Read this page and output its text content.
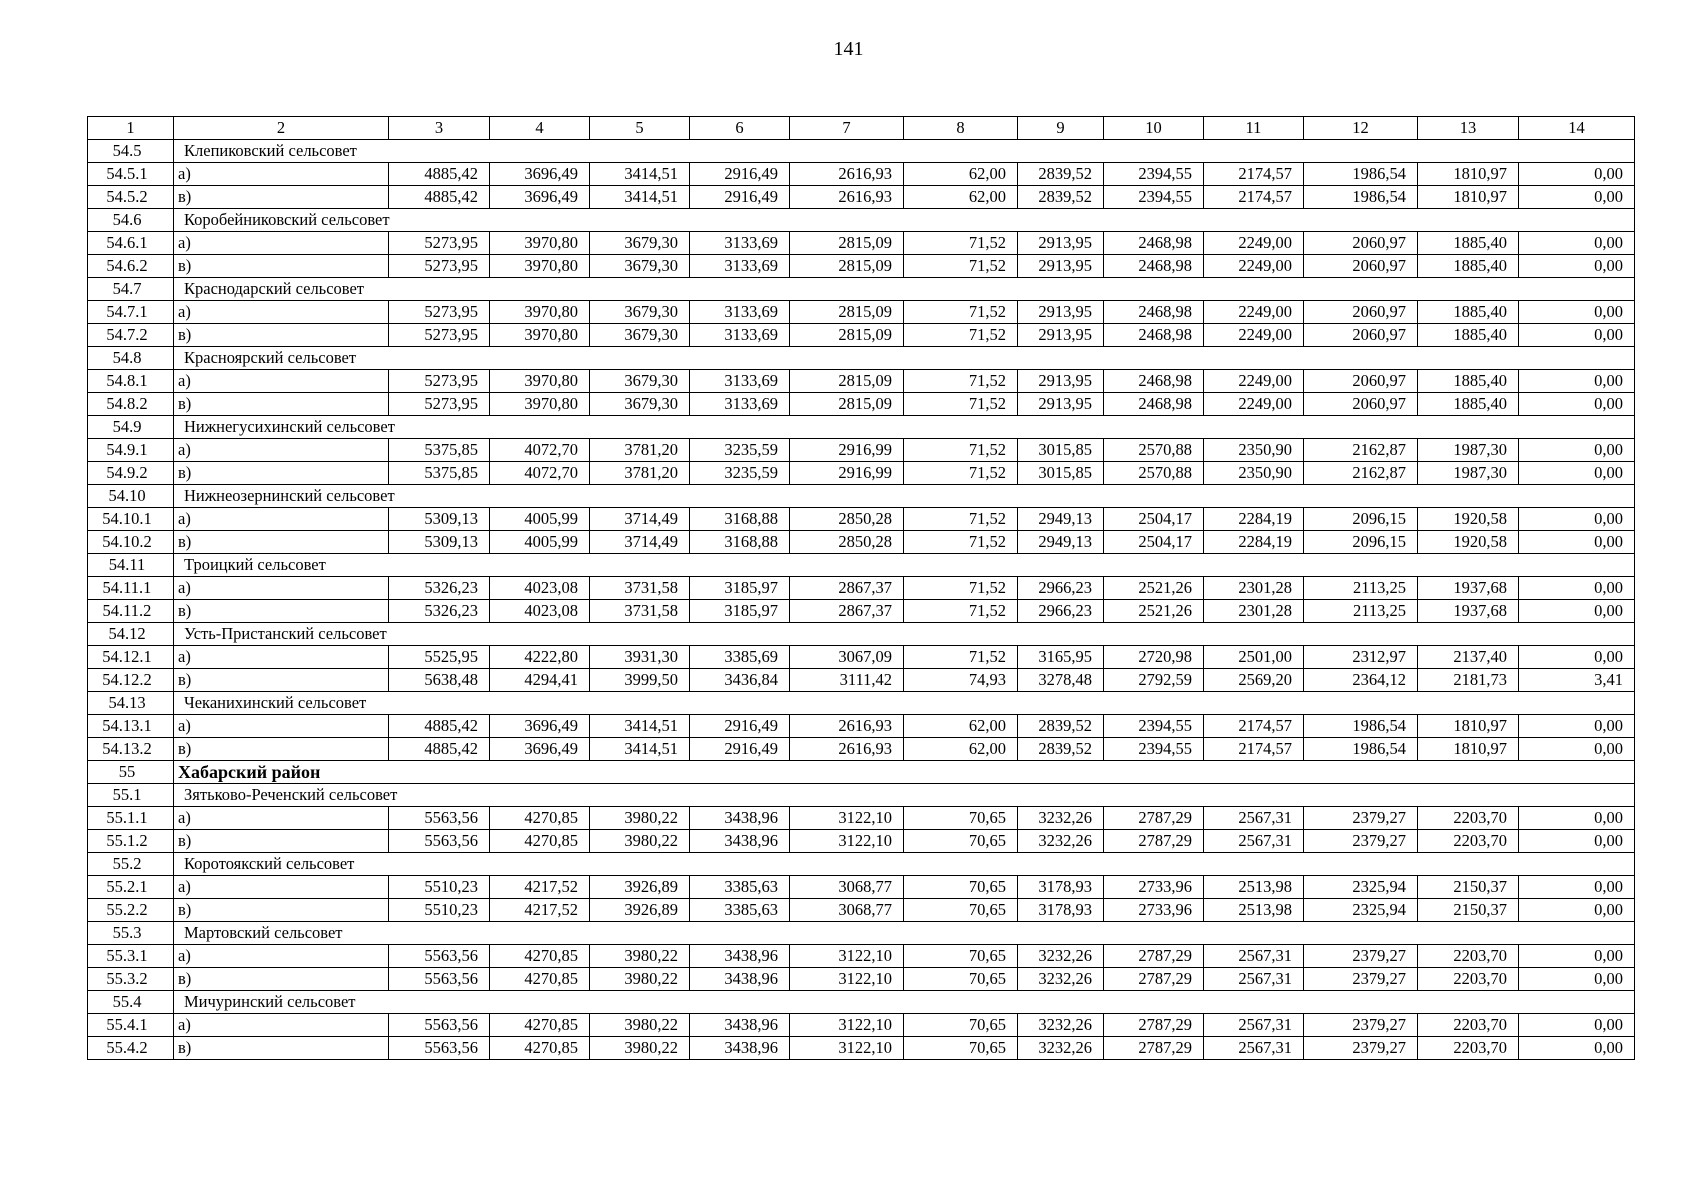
141
1	2	3	4	5	6	7	8	9	10	11	12	13	14
54.5	Клепиковский сельсовет												
54.5.1	а)	4885,42	3696,49	3414,51	2916,49	2616,93	62,00	2839,52	2394,55	2174,57	1986,54	1810,97	0,00
54.5.2	в)	4885,42	3696,49	3414,51	2916,49	2616,93	62,00	2839,52	2394,55	2174,57	1986,54	1810,97	0,00
54.6	Коробейниковский сельсовет												
54.6.1	а)	5273,95	3970,80	3679,30	3133,69	2815,09	71,52	2913,95	2468,98	2249,00	2060,97	1885,40	0,00
54.6.2	в)	5273,95	3970,80	3679,30	3133,69	2815,09	71,52	2913,95	2468,98	2249,00	2060,97	1885,40	0,00
54.7	Краснодарский сельсовет												
54.7.1	а)	5273,95	3970,80	3679,30	3133,69	2815,09	71,52	2913,95	2468,98	2249,00	2060,97	1885,40	0,00
54.7.2	в)	5273,95	3970,80	3679,30	3133,69	2815,09	71,52	2913,95	2468,98	2249,00	2060,97	1885,40	0,00
54.8	Красноярский сельсовет												
54.8.1	а)	5273,95	3970,80	3679,30	3133,69	2815,09	71,52	2913,95	2468,98	2249,00	2060,97	1885,40	0,00
54.8.2	в)	5273,95	3970,80	3679,30	3133,69	2815,09	71,52	2913,95	2468,98	2249,00	2060,97	1885,40	0,00
54.9	Нижнегусихинский сельсовет												
54.9.1	а)	5375,85	4072,70	3781,20	3235,59	2916,99	71,52	3015,85	2570,88	2350,90	2162,87	1987,30	0,00
54.9.2	в)	5375,85	4072,70	3781,20	3235,59	2916,99	71,52	3015,85	2570,88	2350,90	2162,87	1987,30	0,00
54.10	Нижнеозернинский сельсовет												
54.10.1	а)	5309,13	4005,99	3714,49	3168,88	2850,28	71,52	2949,13	2504,17	2284,19	2096,15	1920,58	0,00
54.10.2	в)	5309,13	4005,99	3714,49	3168,88	2850,28	71,52	2949,13	2504,17	2284,19	2096,15	1920,58	0,00
54.11	Троицкий сельсовет												
54.11.1	а)	5326,23	4023,08	3731,58	3185,97	2867,37	71,52	2966,23	2521,26	2301,28	2113,25	1937,68	0,00
54.11.2	в)	5326,23	4023,08	3731,58	3185,97	2867,37	71,52	2966,23	2521,26	2301,28	2113,25	1937,68	0,00
54.12	Усть-Пристанский сельсовет												
54.12.1	а)	5525,95	4222,80	3931,30	3385,69	3067,09	71,52	3165,95	2720,98	2501,00	2312,97	2137,40	0,00
54.12.2	в)	5638,48	4294,41	3999,50	3436,84	3111,42	74,93	3278,48	2792,59	2569,20	2364,12	2181,73	3,41
54.13	Чеканихинский сельсовет												
54.13.1	а)	4885,42	3696,49	3414,51	2916,49	2616,93	62,00	2839,52	2394,55	2174,57	1986,54	1810,97	0,00
54.13.2	в)	4885,42	3696,49	3414,51	2916,49	2616,93	62,00	2839,52	2394,55	2174,57	1986,54	1810,97	0,00
55	Хабарский район												
55.1	Зятьково-Реченский сельсовет												
55.1.1	а)	5563,56	4270,85	3980,22	3438,96	3122,10	70,65	3232,26	2787,29	2567,31	2379,27	2203,70	0,00
55.1.2	в)	5563,56	4270,85	3980,22	3438,96	3122,10	70,65	3232,26	2787,29	2567,31	2379,27	2203,70	0,00
55.2	Коротоякский сельсовет												
55.2.1	а)	5510,23	4217,52	3926,89	3385,63	3068,77	70,65	3178,93	2733,96	2513,98	2325,94	2150,37	0,00
55.2.2	в)	5510,23	4217,52	3926,89	3385,63	3068,77	70,65	3178,93	2733,96	2513,98	2325,94	2150,37	0,00
55.3	Мартовский сельсовет												
55.3.1	а)	5563,56	4270,85	3980,22	3438,96	3122,10	70,65	3232,26	2787,29	2567,31	2379,27	2203,70	0,00
55.3.2	в)	5563,56	4270,85	3980,22	3438,96	3122,10	70,65	3232,26	2787,29	2567,31	2379,27	2203,70	0,00
55.4	Мичуринский сельсовет												
55.4.1	а)	5563,56	4270,85	3980,22	3438,96	3122,10	70,65	3232,26	2787,29	2567,31	2379,27	2203,70	0,00
55.4.2	в)	5563,56	4270,85	3980,22	3438,96	3122,10	70,65	3232,26	2787,29	2567,31	2379,27	2203,70	0,00
